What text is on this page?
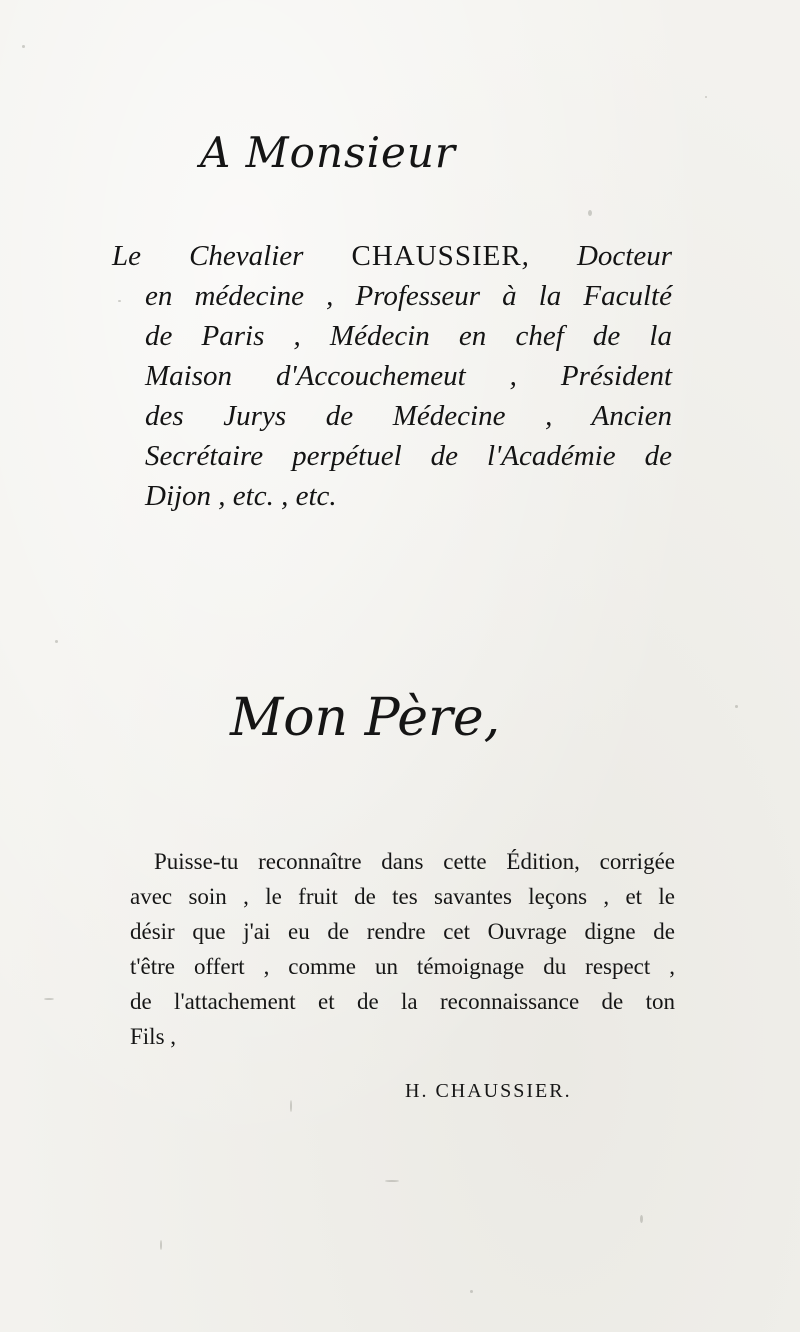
A Monsieur
Le Chevalier CHAUSSIER, Docteur
en médecine , Professeur à la Faculté
de Paris , Médecin en chef de la
Maison d'Accouchemeut , Président
des Jurys de Médecine , Ancien
Secrétaire perpétuel de l'Académie de
Dijon , etc. , etc.
Mon Père,
Puisse-tu reconnaître dans cette Édition, corrigée
avec soin , le fruit de tes savantes leçons , et le
désir que j'ai eu de rendre cet Ouvrage digne de
t'être offert , comme un témoignage du respect ,
de l'attachement et de la reconnaissance de ton
Fils ,
H. CHAUSSIER.
